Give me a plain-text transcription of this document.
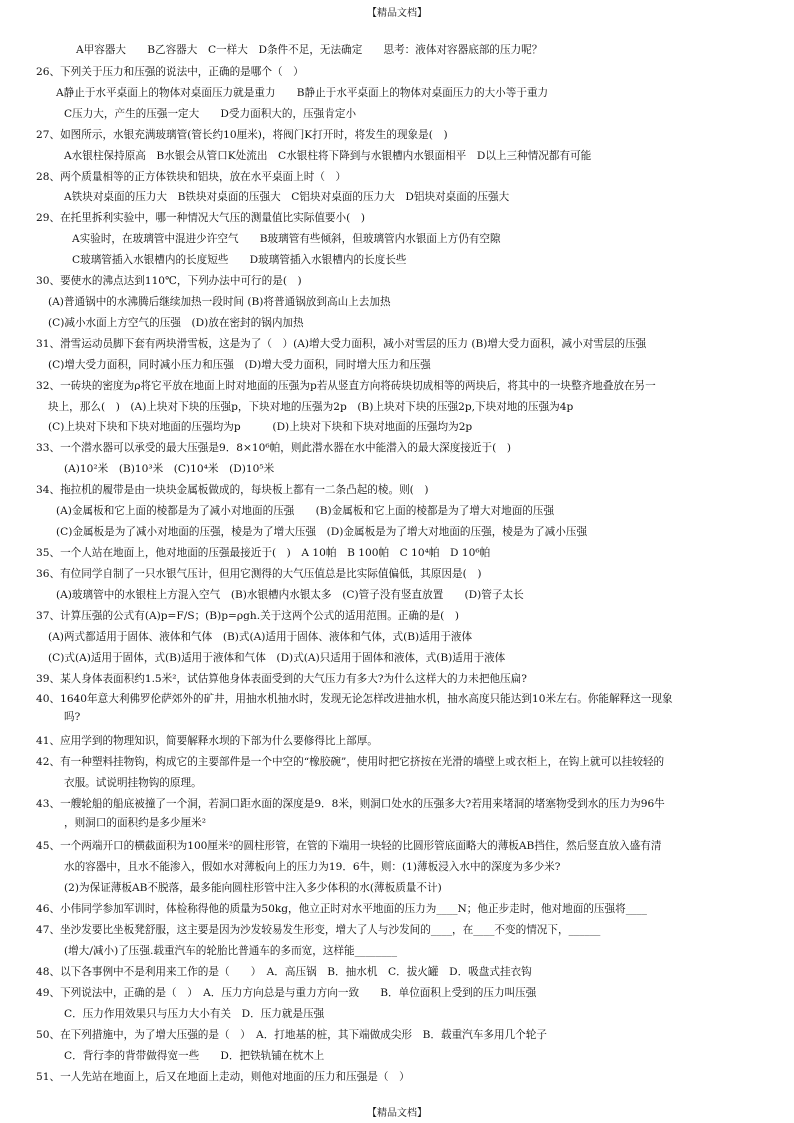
【精品文档】
A甲容器大　　B乙容器大　C一样大　D条件不足，无法确定　　思考：液体对容器底部的压力呢？
26、下列关于压力和压强的说法中，正确的是哪个（　）
A静止于水平桌面上的物体对桌面压力就是重力　　B静止于水平桌面上的物体对桌面压力的大小等于重力
C压力大，产生的压强一定大　　D受力面积大的，压强肯定小
27、如图所示，水银充满玻璃管(管长约10厘米)，将阀门K打开时，将发生的现象是(　)
A水银柱保持原高　B水银会从管口K处流出　C水银柱将下降到与水银槽内水银面相平　D以上三种情况都有可能
28、两个质量相等的正方体铁块和铝块，放在水平桌面上时（　）
A铁块对桌面的压力大　B铁块对桌面的压强大　C铝块对桌面的压力大　D铝块对桌面的压强大
29、在托里拆利实验中，哪一种情况大气压的测量值比实际值要小(　)
A实验时，在玻璃管中混进少许空气　　B玻璃管有些倾斜，但玻璃管内水银面上方仍有空隙
C玻璃管插入水银槽内的长度短些　　D玻璃管插入水银槽内的长度长些
30、要使水的沸点达到110℃，下列办法中可行的是(　)
(A)普通锅中的水沸腾后继续加热一段时间 (B)将普通锅放到高山上去加热
(C)减小水面上方空气的压强　(D)放在密封的锅内加热
31、滑雪运动员脚下套有两块滑雪板，这是为了（　）(A)增大受力面积，减小对雪层的压力 (B)增大受力面积，减小对雪层的压强
(C)增大受力面积，同时减小压力和压强　(D)增大受力面积，同时增大压力和压强
32、一砖块的密度为ρ将它平放在地面上时对地面的压强为p若从竖直方向将砖块切成相等的两块后，将其中的一块整齐地叠放在另一
块上，那么(　)　(A)上块对下块的压强p，下块对地的压强为2p　(B)上块对下块的压强2p,下块对地的压强为4p
(C)上块对下块和下块对地面的压强均为p　　　(D)上块对下块和下块对地面的压强均为2p
33、一个潜水器可以承受的最大压强是9．8×10⁶帕，则此潜水器在水中能潜入的最大深度接近于(　)
(A)10²米　(B)10³米　(C)10⁴米　(D)10⁵米
34、拖拉机的履带是由一块块金属板做成的，每块板上都有一二条凸起的棱。则(　)
(A)金属板和它上面的棱都是为了减小对地面的压强　　(B)金属板和它上面的棱都是为了增大对地面的压强
(C)金属板是为了减小对地面的压强，棱是为了增大压强　(D)金属板是为了增大对地面的压强，棱是为了减小压强
35、一个人站在地面上，他对地面的压强最接近于(　)　A 10帕　B 100帕　C 10⁴帕　D 10⁶帕
36、有位同学自制了一只水银气压计，但用它测得的大气压值总是比实际值偏低，其原因是(　)
(A)玻璃管中的水银柱上方混入空气　(B)水银槽内水银太多　(C)管子没有竖直放置　　(D)管子太长
37、计算压强的公式有(A)p=F/S；(B)p=ρgh.关于这两个公式的适用范围。正确的是(　)
(A)两式都适用于固体、液体和气体　(B)式(A)适用于固体、液体和气体，式(B)适用于液体
(C)式(A)适用于固体，式(B)适用于液体和气体　(D)式(A)只适用于固体和液体，式(B)适用于液体
39、某人身体表面积约1.5米²，试估算他身体表面受到的大气压力有多大?为什么这样大的力未把他压扁?
40、1640年意大利佛罗伦萨郊外的矿井，用抽水机抽水时，发现无论怎样改进抽水机，抽水高度只能达到10米左右。你能解释这一现象
吗?
41、应用学到的物理知识，简要解释水坝的下部为什么要修得比上部厚。
42、有一种塑料挂物钩，构成它的主要部件是一个中空的“橡胶碗”，使用时把它挤按在光滑的墙壁上或衣柜上，在钩上就可以挂较轻的
衣服。试说明挂物钩的原理。
43、一艘轮船的船底被撞了一个洞，若洞口距水面的深度是9．8米，则洞口处水的压强多大?若用来堵洞的堵塞物受到水的压力为96牛
，则洞口的面积约是多少厘米²
45、一个两端开口的横截面积为100厘米²的圆柱形管，在管的下端用一块轻的比圆形管底面略大的薄板AB挡住，然后竖直放入盛有清
水的容器中，且水不能渗入，假如水对薄板向上的压力为19．6牛，则：(1)薄板浸入水中的深度为多少米?
(2)为保证薄板AB不脱落，最多能向圆柱形管中注入多少体积的水(薄板质量不计)
46、小伟同学参加军训时，体检称得他的质量为50kg，他立正时对水平地面的压力为____N；他正步走时，他对地面的压强将____
47、坐沙发要比坐板凳舒服，这主要是因为沙发较易发生形变，增大了人与沙发间的____，在____不变的情况下，______
(增大/减小)了压强.载重汽车的轮胎比普通车的多而宽，这样能________
48、以下各事例中不是利用来工作的是（　　）　A．高压锅　B．抽水机　C．拔火罐　D．吸盘式挂衣钩
49、下列说法中，正确的是（　）　A．压力方向总是与重力方向一致　　B．单位面积上受到的压力叫压强
C．压力作用效果只与压力大小有关　D．压力就是压强
50、在下列措施中，为了增大压强的是（　）　A．打地基的桩，其下端做成尖形　B．载重汽车多用几个轮子
C．背行李的背带做得宽一些　　D．把铁轨铺在枕木上
51、一人先站在地面上，后又在地面上走动，则他对地面的压力和压强是（　）
【精品文档】
